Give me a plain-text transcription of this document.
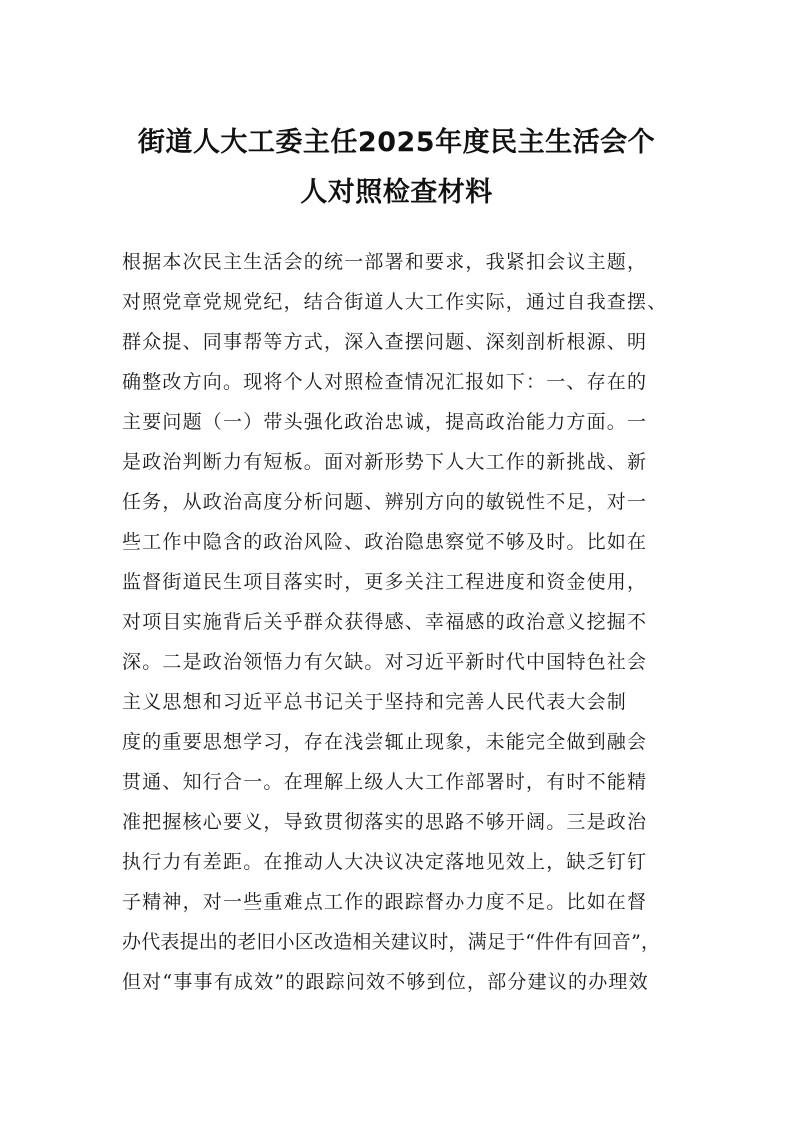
街道人大工委主任2025年度民主生活会个
人对照检查材料
根据本次民主生活会的统一部署和要求，我紧扣会议主题，
对照党章党规党纪，结合街道人大工作实际，通过自我查摆、
群众提、同事帮等方式，深入查摆问题、深刻剖析根源、明
确整改方向。现将个人对照检查情况汇报如下：一、存在的
主要问题（一）带头强化政治忠诚，提高政治能力方面。一
是政治判断力有短板。面对新形势下人大工作的新挑战、新
任务，从政治高度分析问题、辨别方向的敏锐性不足，对一
些工作中隐含的政治风险、政治隐患察觉不够及时。比如在
监督街道民生项目落实时，更多关注工程进度和资金使用，
对项目实施背后关乎群众获得感、幸福感的政治意义挖掘不
深。二是政治领悟力有欠缺。对习近平新时代中国特色社会
主义思想和习近平总书记关于坚持和完善人民代表大会制
度的重要思想学习，存在浅尝辄止现象，未能完全做到融会
贯通、知行合一。在理解上级人大工作部署时，有时不能精
准把握核心要义，导致贯彻落实的思路不够开阔。三是政治
执行力有差距。在推动人大决议决定落地见效上，缺乏钉钉
子精神，对一些重难点工作的跟踪督办力度不足。比如在督
办代表提出的老旧小区改造相关建议时，满足于“件件有回音”，
但对“事事有成效”的跟踪问效不够到位，部分建议的办理效
